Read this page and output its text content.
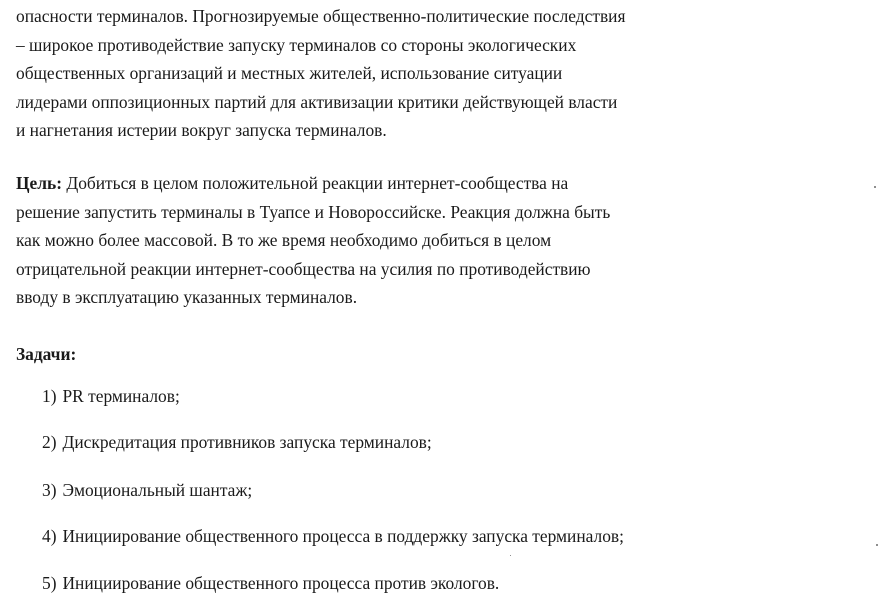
опасности терминалов. Прогнозируемые общественно-политические последствия
– широкое противодействие запуску терминалов со стороны экологических
общественных организаций и местных жителей, использование ситуации
лидерами оппозиционных партий для активизации критики действующей власти
и нагнетания истерии вокруг запуска терминалов.
Цель: Добиться в целом положительной реакции интернет-сообщества на
решение запустить терминалы в Туапсе и Новороссийске. Реакция должна быть
как можно более массовой. В то же время необходимо добиться в целом
отрицательной реакции интернет-сообщества на усилия по противодействию
вводу в эксплуатацию указанных терминалов.
Задачи:
1) PR терминалов;
2) Дискредитация противников запуска терминалов;
3) Эмоциональный шантаж;
4) Инициирование общественного процесса в поддержку запуска терминалов;
5) Инициирование общественного процесса против экологов.
